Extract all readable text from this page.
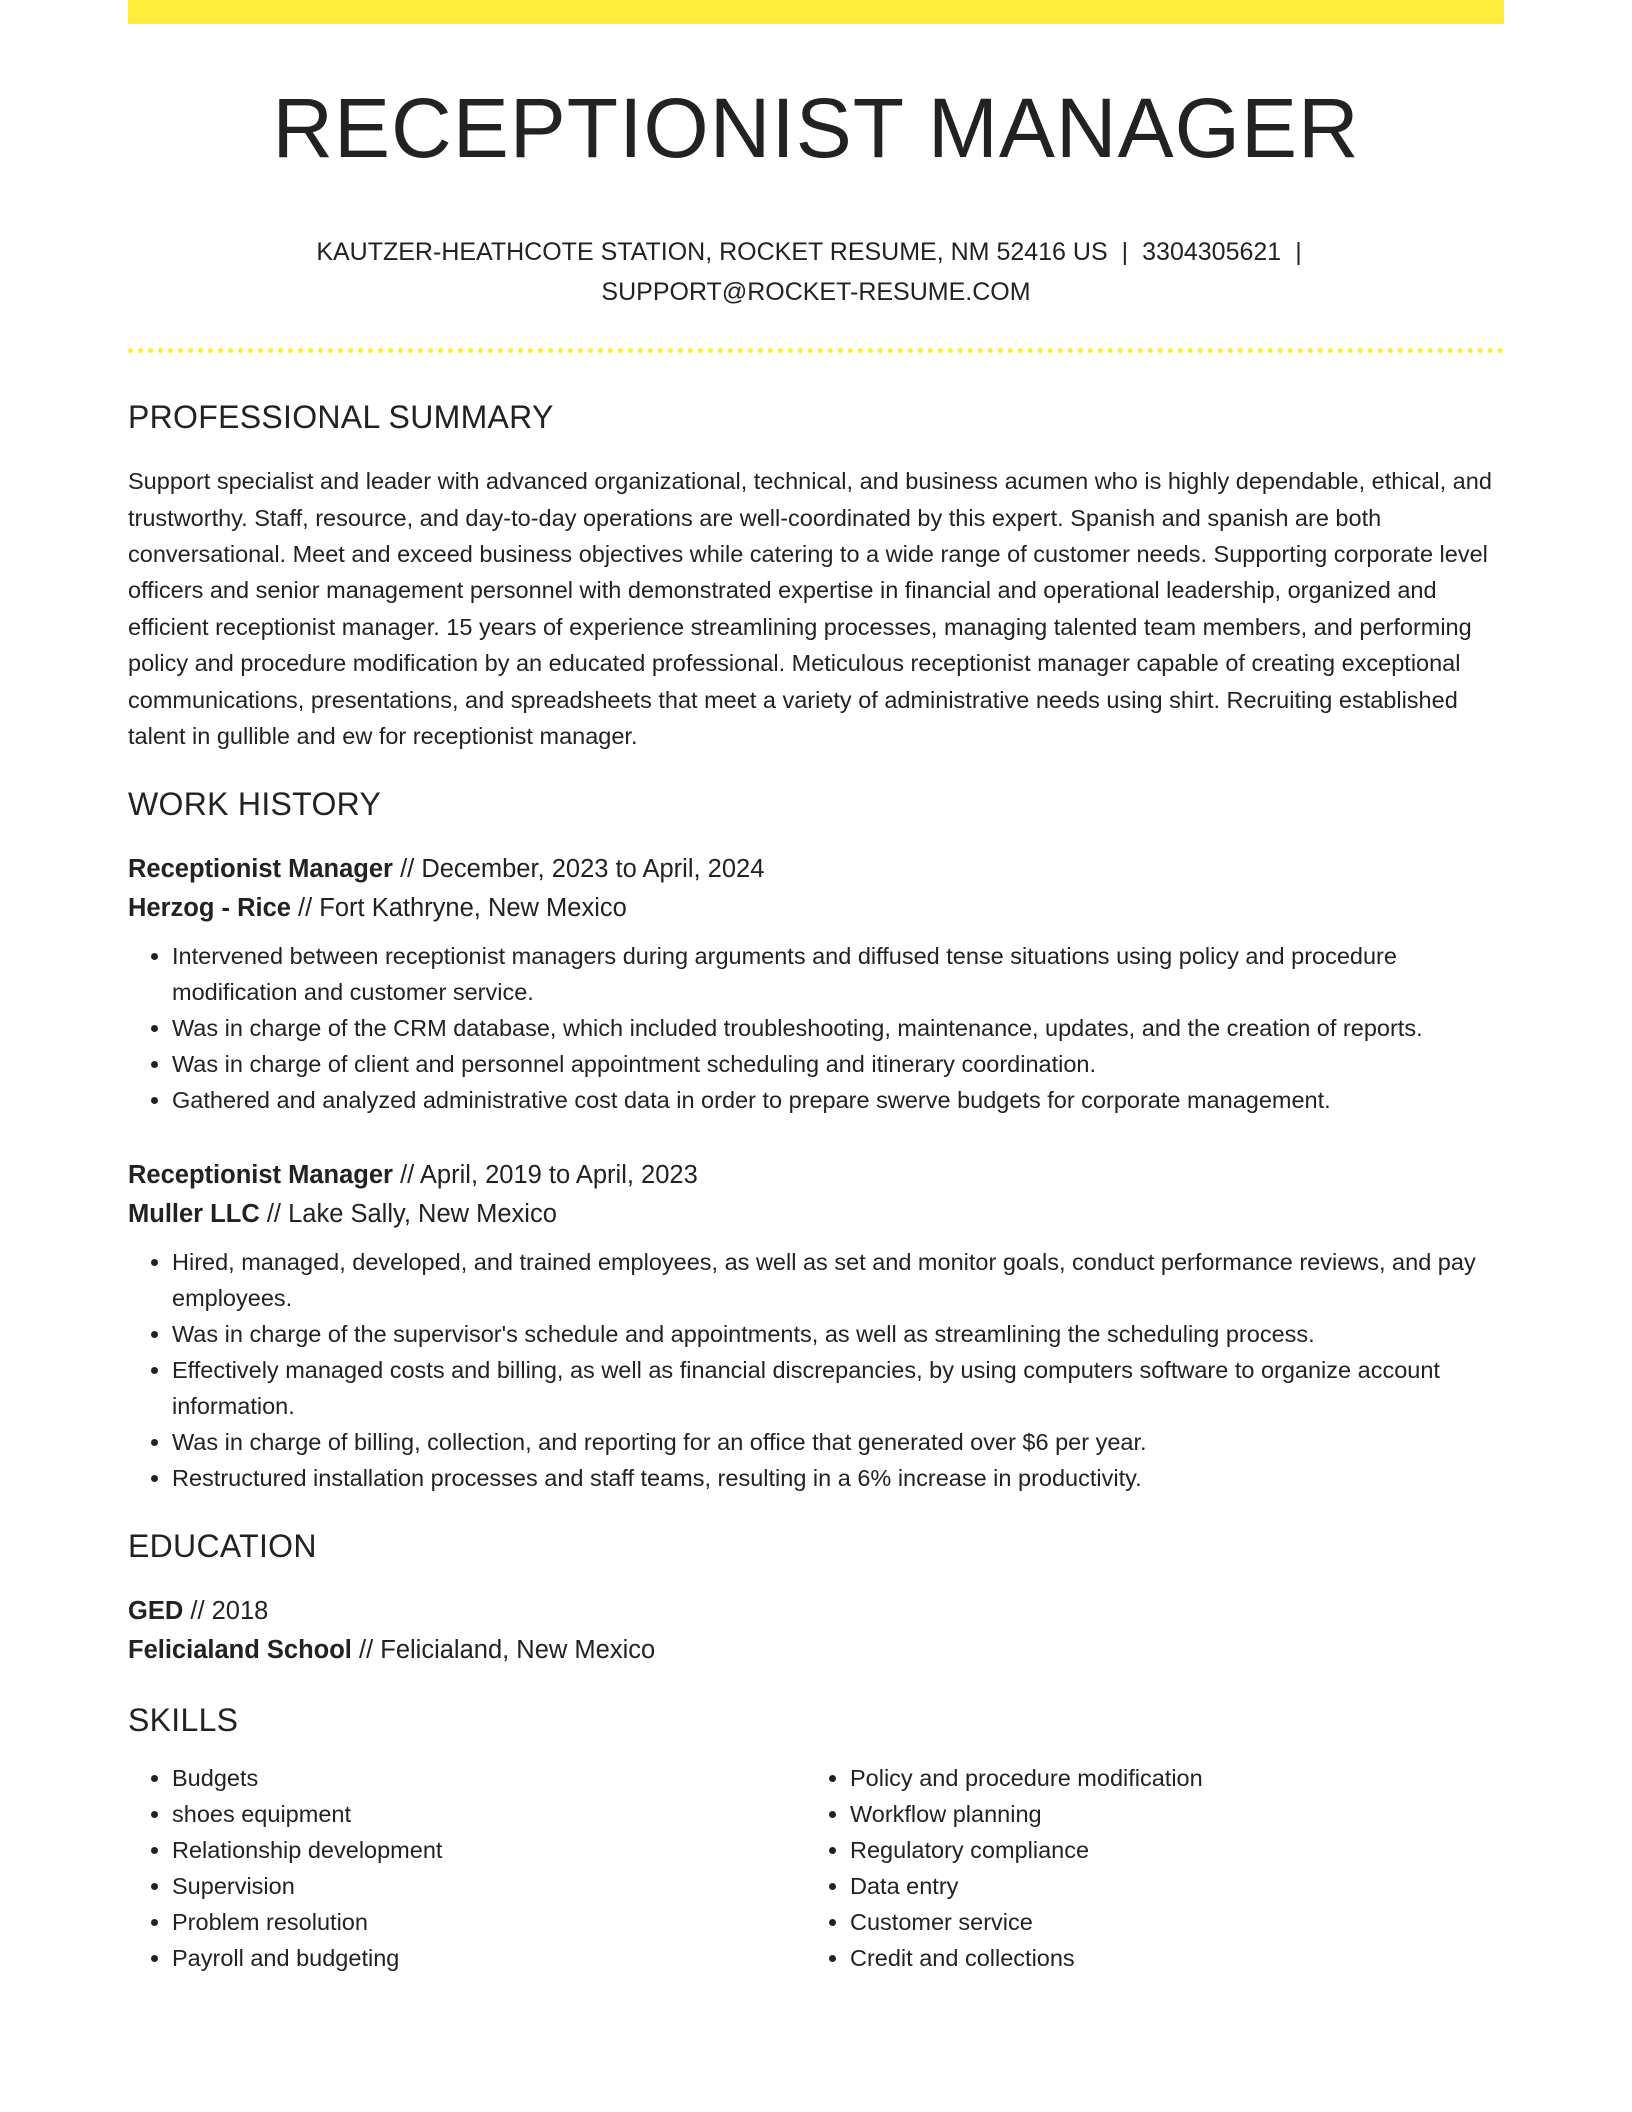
RECEPTIONIST MANAGER
KAUTZER-HEATHCOTE STATION, ROCKET RESUME, NM 52416 US | 3304305621 |
SUPPORT@ROCKET-RESUME.COM
PROFESSIONAL SUMMARY

Support specialist and leader with advanced organizational, technical, and business acumen who is highly dependable, ethical, and trustworthy. Staff, resource, and day-to-day operations are well-coordinated by this expert. Spanish and spanish are both conversational. Meet and exceed business objectives while catering to a wide range of customer needs. Supporting corporate level officers and senior management personnel with demonstrated expertise in financial and operational leadership, organized and efficient receptionist manager. 15 years of experience streamlining processes, managing talented team members, and performing policy and procedure modification by an educated professional. Meticulous receptionist manager capable of creating exceptional communications, presentations, and spreadsheets that meet a variety of administrative needs using shirt. Recruiting established talent in gullible and ew for receptionist manager.

WORK HISTORY
Receptionist Manager // December, 2023 to April, 2024
Herzog - Rice // Fort Kathryne, New Mexico
• Intervened between receptionist managers during arguments and diffused tense situations using policy and procedure modification and customer service.
• Was in charge of the CRM database, which included troubleshooting, maintenance, updates, and the creation of reports.
• Was in charge of client and personnel appointment scheduling and itinerary coordination.
• Gathered and analyzed administrative cost data in order to prepare swerve budgets for corporate management.
Receptionist Manager // April, 2019 to April, 2023
Muller LLC // Lake Sally, New Mexico
• Hired, managed, developed, and trained employees, as well as set and monitor goals, conduct performance reviews, and pay employees.
• Was in charge of the supervisor's schedule and appointments, as well as streamlining the scheduling process.
• Effectively managed costs and billing, as well as financial discrepancies, by using computers software to organize account information.
• Was in charge of billing, collection, and reporting for an office that generated over $6 per year.
• Restructured installation processes and staff teams, resulting in a 6% increase in productivity.
EDUCATION
GED // 2018
Felicialand School // Felicialand, New Mexico
SKILLS
• Budgets
• shoes equipment
• Relationship development
• Supervision
• Problem resolution
• Payroll and budgeting
• Policy and procedure modification
• Workflow planning
• Regulatory compliance
• Data entry
• Customer service
• Credit and collections
